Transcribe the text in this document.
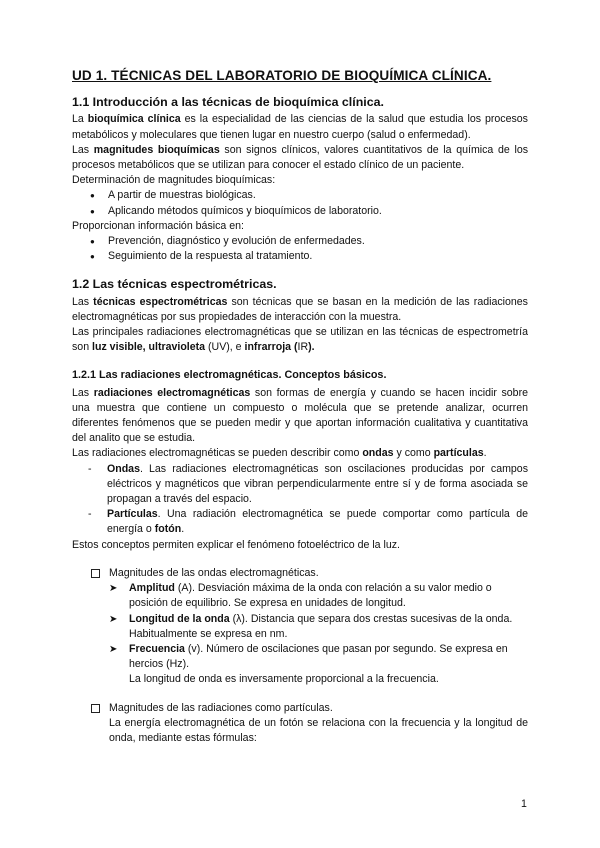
UD 1. TÉCNICAS DEL LABORATORIO DE BIOQUÍMICA CLÍNICA.
1.1 Introducción a las técnicas de bioquímica clínica.

La bioquímica clínica es la especialidad de las ciencias de la salud que estudia los procesos metabólicos y moleculares que tienen lugar en nuestro cuerpo (salud o enfermedad).

Las magnitudes bioquímicas son signos clínicos, valores cuantitativos de la química de los procesos metabólicos que se utilizan para conocer el estado clínico de un paciente.

Determinación de magnitudes bioquímicas:

● A partir de muestras biológicas.
● Aplicando métodos químicos y bioquímicos de laboratorio.

Proporcionan información básica en:

● Prevención, diagnóstico y evolución de enfermedades.
● Seguimiento de la respuesta al tratamiento.
1.2 Las técnicas espectrométricas.

Las técnicas espectrométricas son técnicas que se basan en la medición de las radiaciones electromagnéticas por sus propiedades de interacción con la muestra.

Las principales radiaciones electromagnéticas que se utilizan en las técnicas de espectrometría son luz visible, ultravioleta (UV), e infrarroja (IR).

1.2.1 Las radiaciones electromagnéticas. Conceptos básicos.

Las radiaciones electromagnéticas son formas de energía y cuando se hacen incidir sobre una muestra que contiene un compuesto o molécula que se pretende analizar, ocurren diferentes fenómenos que se pueden medir y que aportan información cualitativa y cuantitativa del analito que se estudia.

Las radiaciones electromagnéticas se pueden describir como ondas y como partículas.

- Ondas. Las radiaciones electromagnéticas son oscilaciones producidas por campos eléctricos y magnéticos que vibran perpendicularmente entre sí y de forma asociada se propagan a través del espacio.
- Partículas. Una radiación electromagnética se puede comportar como partícula de energía o fotón.

Estos conceptos permiten explicar el fenómeno fotoeléctrico de la luz.

Magnitudes de las ondas electromagnéticas.
➤ Amplitud (A). Desviación máxima de la onda con relación a su valor medio o posición de equilibrio. Se expresa en unidades de longitud.
➤ Longitud de la onda (λ). Distancia que separa dos crestas sucesivas de la onda. Habitualmente se expresa en nm.
➤ Frecuencia (v). Número de oscilaciones que pasan por segundo. Se expresa en hercios (Hz).
La longitud de onda es inversamente proporcional a la frecuencia.
Magnitudes de las radiaciones como partículas.

La energía electromagnética de un fotón se relaciona con la frecuencia y la longitud de onda, mediante estas fórmulas:

1
